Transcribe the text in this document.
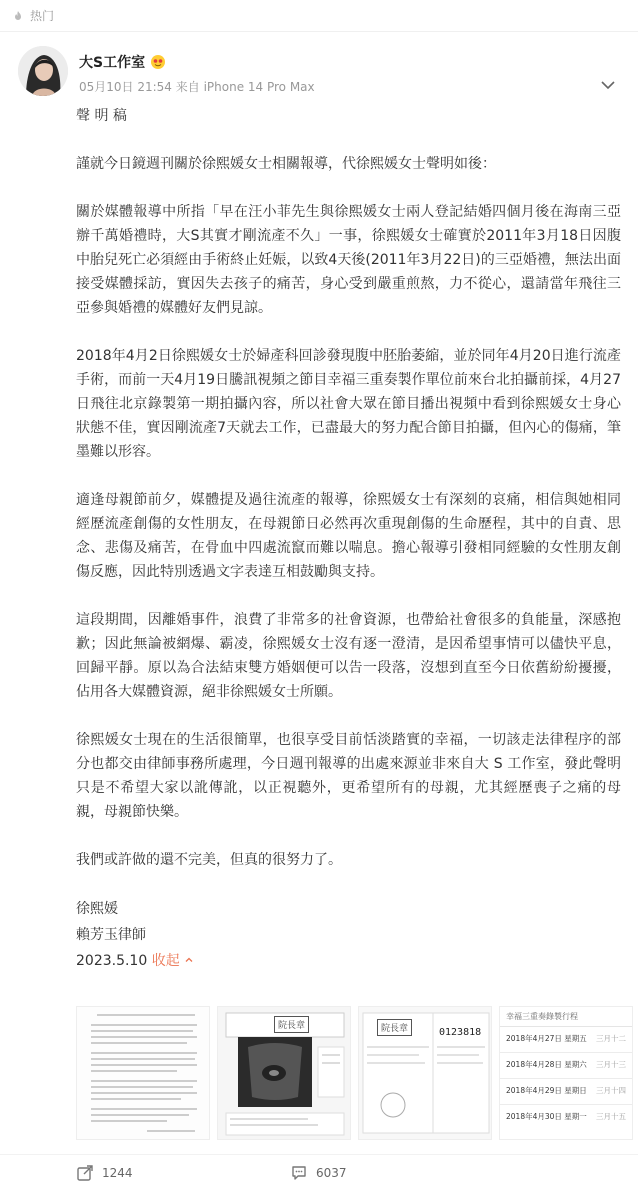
热门
大S工作室
05月10日 21:54 来自 iPhone 14 Pro Max

聲 明 稿

謹就今日鏡週刊關於徐熙媛女士相關報導，代徐熙媛女士聲明如後：

關於媒體報導中所指「早在汪小菲先生與徐熙媛女士兩人登記結婚四個月後在海南三亞辦千萬婚禮時，大S其實才剛流產不久」一事，徐熙媛女士確實於2011年3月18日因腹中胎兒死亡必須經由手術終止妊娠，以致4天後(2011年3月22日)的三亞婚禮，無法出面接受媒體採訪，實因失去孩子的痛苦，身心受到嚴重煎熬，力不從心，還請當年飛往三亞參與婚禮的媒體好友們見諒。

2018年4月2日徐熙媛女士於婦產科回診發現腹中胚胎萎縮，並於同年4月20日進行流產手術，而前一天4月19日騰訊視頻之節目幸福三重奏製作單位前來台北拍攝前採，4月27日飛往北京錄製第一期拍攝內容，所以社會大眾在節目播出視頻中看到徐熙媛女士身心狀態不佳，實因剛流產7天就去工作，已盡最大的努力配合節目拍攝，但內心的傷痛，筆墨難以形容。

適逢母親節前夕，媒體提及過往流產的報導，徐熙媛女士有深刻的哀痛，相信與她相同經歷流產創傷的女性朋友，在母親節日必然再次重現創傷的生命歷程，其中的自責、思念、悲傷及痛苦，在骨血中四處流竄而難以喘息。擔心報導引發相同經驗的女性朋友創傷反應，因此特別透過文字表達互相鼓勵與支持。

這段期間，因離婚事件，浪費了非常多的社會資源，也帶給社會很多的負能量，深感抱歉；因此無論被網爆、霸凌，徐熙媛女士沒有逐一澄清，是因希望事情可以儘快平息，回歸平靜。原以為合法結束雙方婚姻便可以告一段落，沒想到直至今日依舊紛紛擾擾，佔用各大媒體資源，絕非徐熙媛女士所願。

徐熙媛女士現在的生活很簡單，也很享受目前恬淡踏實的幸福，一切該走法律程序的部分也都交由律師事務所處理，今日週刊報導的出處來源並非來自大 S 工作室，發此聲明只是不希望大家以訛傳訛，以正視聽外，更希望所有的母親，尤其經歷喪子之痛的母親，母親節快樂。

我們或許做的還不完美，但真的很努力了。

徐熙媛
賴芳玉律師
2023.5.10 收起
院長章	院長章	0123818
幸福三重奏錄製行程
2018年4月27日 星期五 三月十二
2018年4月28日 星期六 三月十三
2018年4月29日 星期日 三月十四
2018年4月30日 星期一 三月十五
1244	6037
